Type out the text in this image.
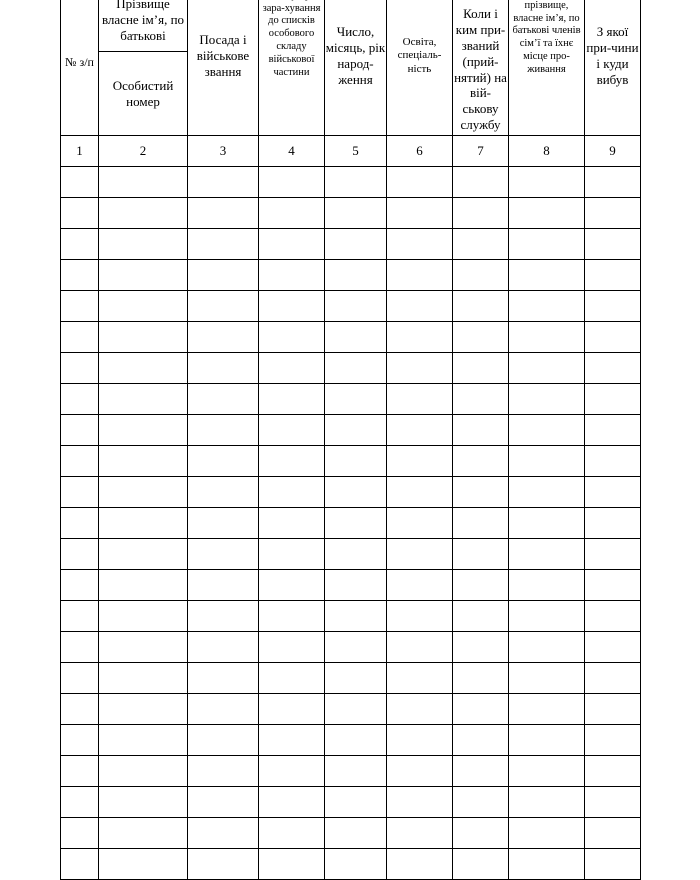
№ з/п	Прізвище власне ім’я, по батькові	Посада і військове звання	зара-хування до списків особового складу військової частини	Число, місяць, рік народ-ження	Освіта, спеціаль-ність	Коли і ким при-званий (прий-нятий) на вій-ськову службу	прізвище, власне ім’я, по батькові членів сім’ї та їхнє місце про-живання	З якої при-чини і куди вибув
	Особистий номер							
1	2	3	4	5	6	7	8	9
